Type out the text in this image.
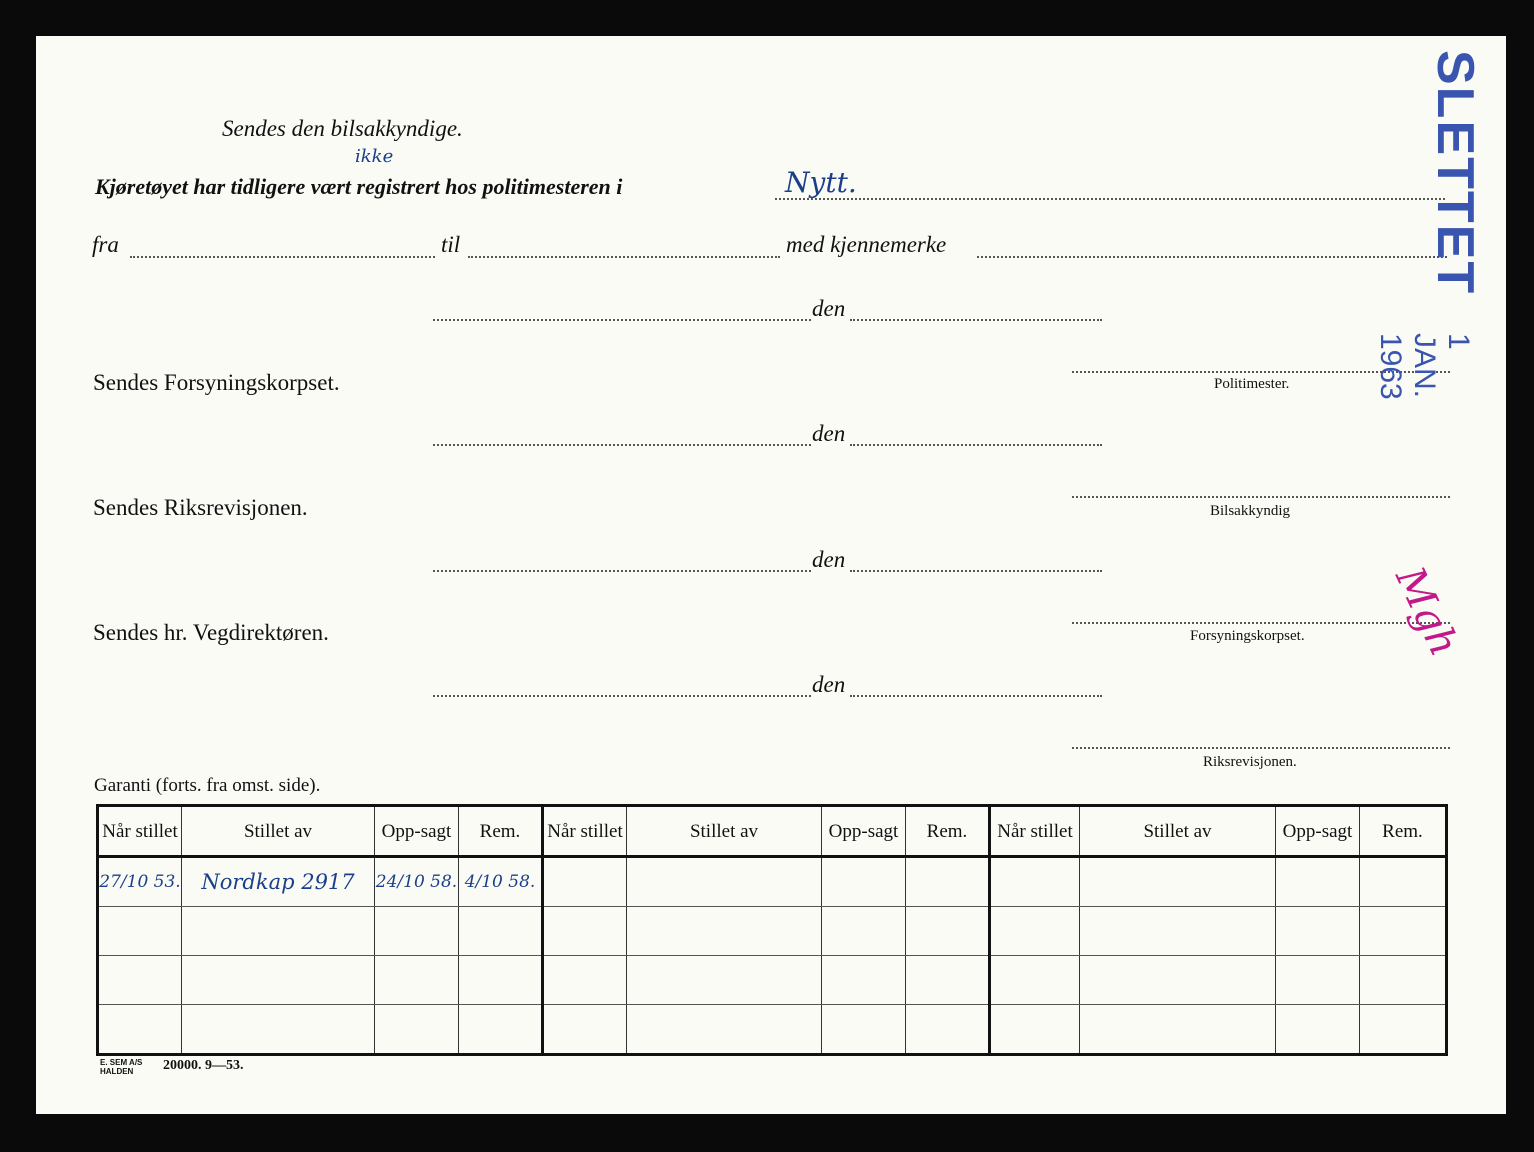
Sendes den bilsakkyndige.
Kjøretøyet har tidligere vært registrert hos politimesteren i
ikke
Nytt.
fra	til	med kjennemerke
den
Sendes Forsyningskorpset.	Politimester.
den
Sendes Riksrevisjonen.	Bilsakkyndig
den
Sendes hr. Vegdirektøren.	Forsyningskorpset.
den
Riksrevisjonen.
Garanti (forts. fra omst. side).
Når stillet	Stillet av	Opp-sagt	Rem.	Når stillet	Stillet av	Opp-sagt	Rem.	Når stillet	Stillet av	Opp-sagt	Rem.
27/10 53.	Nordkap 2917	24/10 58.	4/10 58.								

E. SEM A/S
HALDEN	20000. 9—53.
SLETTET
1 JAN. 1963
Mgh
